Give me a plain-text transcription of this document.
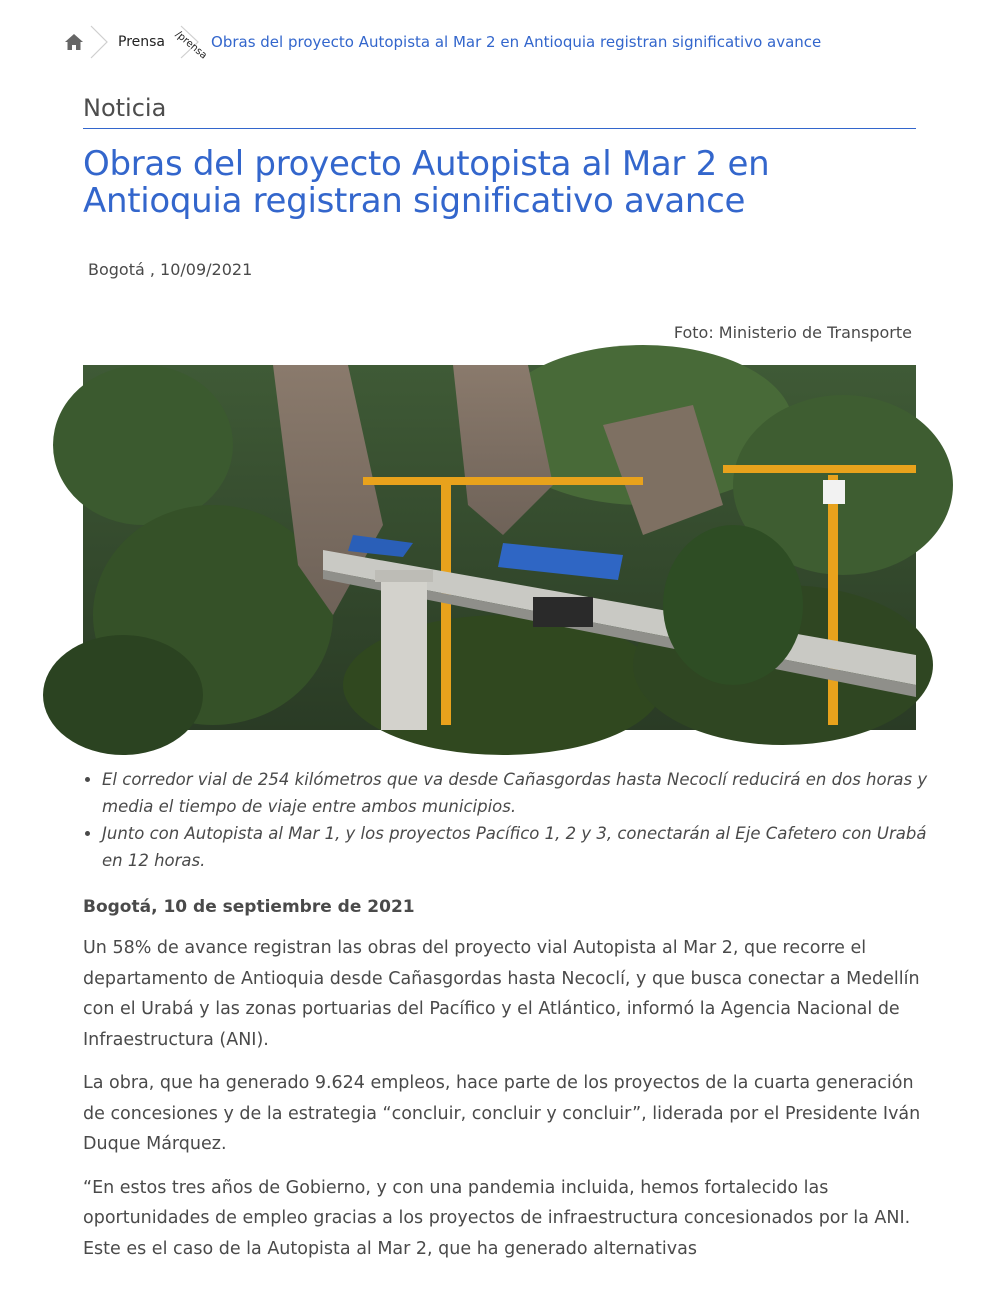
Prensa /prensa Obras del proyecto Autopista al Mar 2 en Antioquia registran significativo avance
Noticia
Obras del proyecto Autopista al Mar 2 en Antioquia registran significativo avance
Bogotá , 10/09/2021
Foto: Ministerio de Transporte
• El corredor vial de 254 kilómetros que va desde Cañasgordas hasta Necoclí reducirá en dos horas y media el tiempo de viaje entre ambos municipios.
• Junto con Autopista al Mar 1, y los proyectos Pacífico 1, 2 y 3, conectarán al Eje Cafetero con Urabá en 12 horas.

Bogotá, 10 de septiembre de 2021

Un 58% de avance registran las obras del proyecto vial Autopista al Mar 2, que recorre el departamento de Antioquia desde Cañasgordas hasta Necoclí, y que busca conectar a Medellín con el Urabá y las zonas portuarias del Pacífico y el Atlántico, informó la Agencia Nacional de Infraestructura (ANI).

La obra, que ha generado 9.624 empleos, hace parte de los proyectos de la cuarta generación de concesiones y de la estrategia “concluir, concluir y concluir”, liderada por el Presidente Iván Duque Márquez.

“En estos tres años de Gobierno, y con una pandemia incluida, hemos fortalecido las oportunidades de empleo gracias a los proyectos de infraestructura concesionados por la ANI. Este es el caso de la Autopista al Mar 2, que ha generado alternativas
